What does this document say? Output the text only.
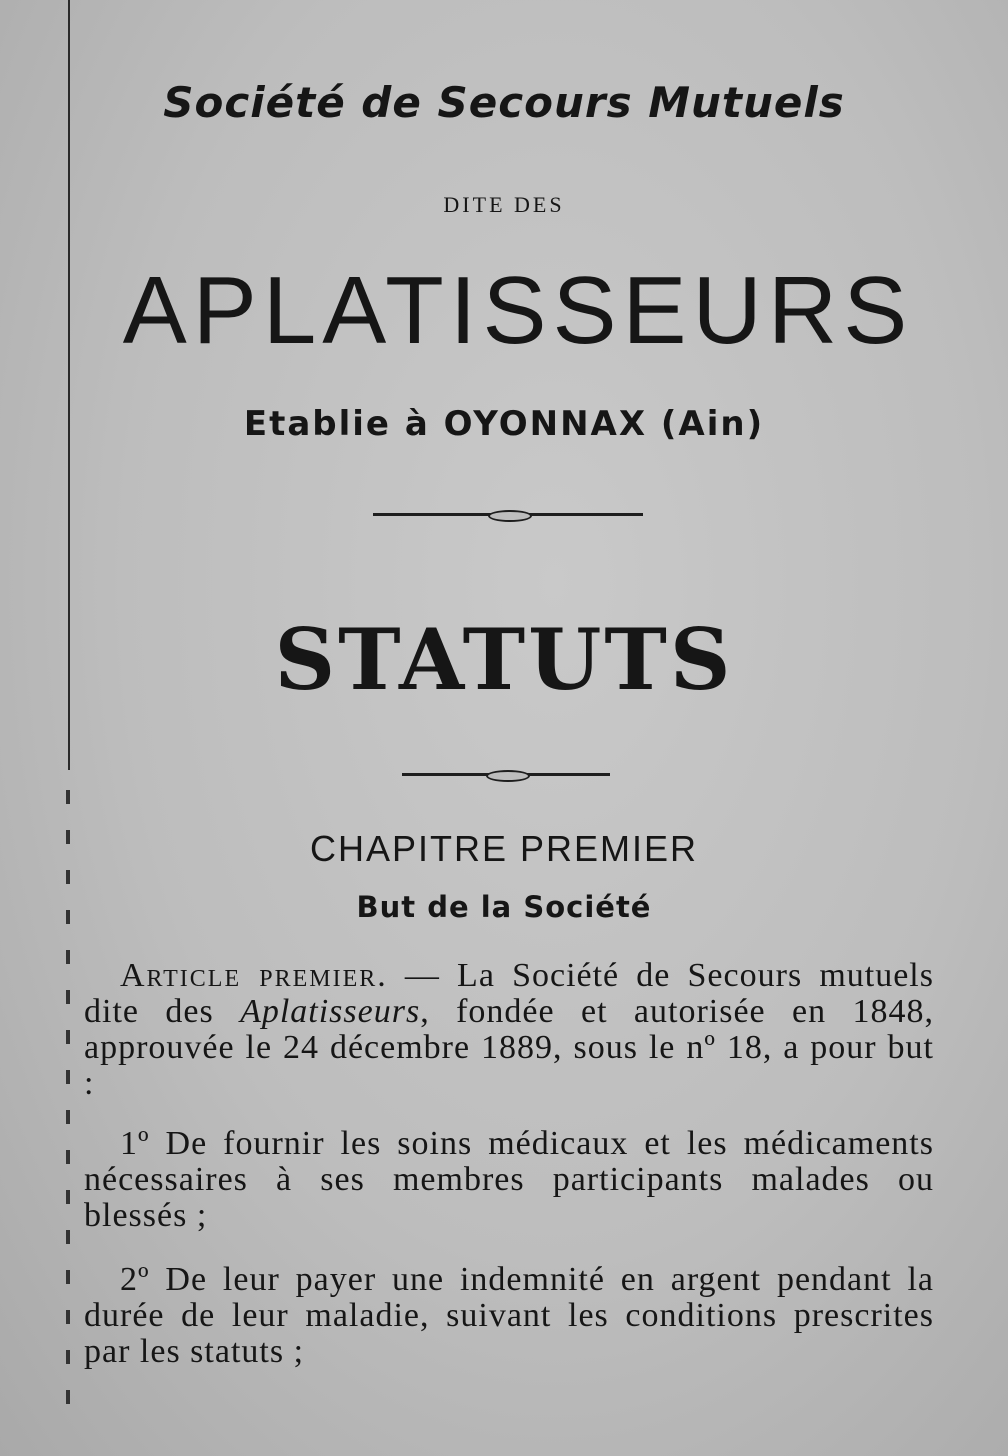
Société de Secours Mutuels
DITE DES
APLATISSEURS
Etablie à OYONNAX (Ain)
STATUTS
CHAPITRE PREMIER
But de la Société
Article premier. — La Société de Secours mutuels dite des Aplatisseurs, fondée et autorisée en 1848, approuvée le 24 décembre 1889, sous le nº 18, a pour but :
1º De fournir les soins médicaux et les médicaments nécessaires à ses membres participants malades ou blessés ;
2º De leur payer une indemnité en argent pendant la durée de leur maladie, suivant les conditions prescrites par les statuts ;
